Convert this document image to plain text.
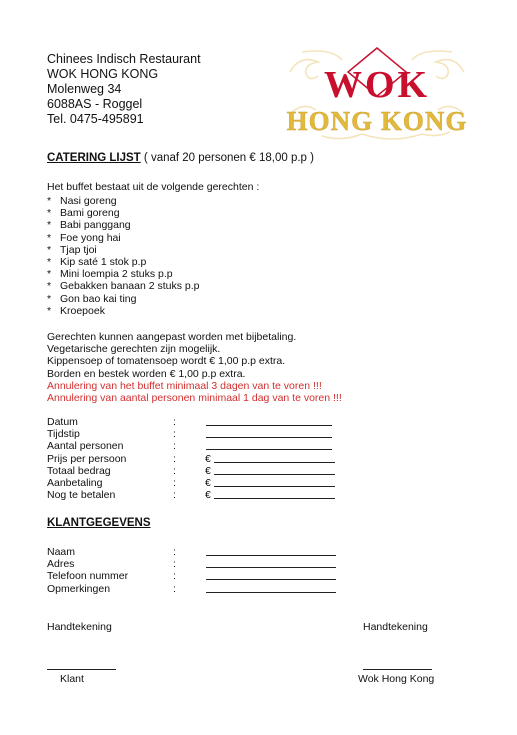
Chinees Indisch Restaurant
WOK HONG KONG
Molenweg 34
6088AS - Roggel
Tel. 0475-495891
WOK
HONG KONG
CATERING LIJST ( vanaf 20 personen € 18,00 p.p )
Het buffet bestaat uit de volgende gerechten :
* Nasi goreng
* Bami goreng
* Babi panggang
* Foe yong hai
* Tjap tjoi
* Kip saté 1 stok p.p
* Mini loempia 2 stuks p.p
* Gebakken banaan 2 stuks p.p
* Gon bao kai ting
* Kroepoek
Gerechten kunnen aangepast worden met bijbetaling.
Vegetarische gerechten zijn mogelijk.
Kippensoep of tomatensoep wordt € 1,00 p.p extra.
Borden en bestek worden € 1,00 p.p extra.
Annulering van het buffet minimaal 3 dagen van te voren !!!
Annulering van aantal personen minimaal 1 dag van te voren !!!
Datum	:
Tijdstip	:
Aantal personen	:
Prijs per persoon	:	€
Totaal bedrag	:	€
Aanbetaling	:	€
Nog te betalen	:	€
KLANTGEGEVENS
Naam	:
Adres	:
Telefoon nummer	:
Opmerkingen	:
Handtekening	Handtekening
Klant	Wok Hong Kong
